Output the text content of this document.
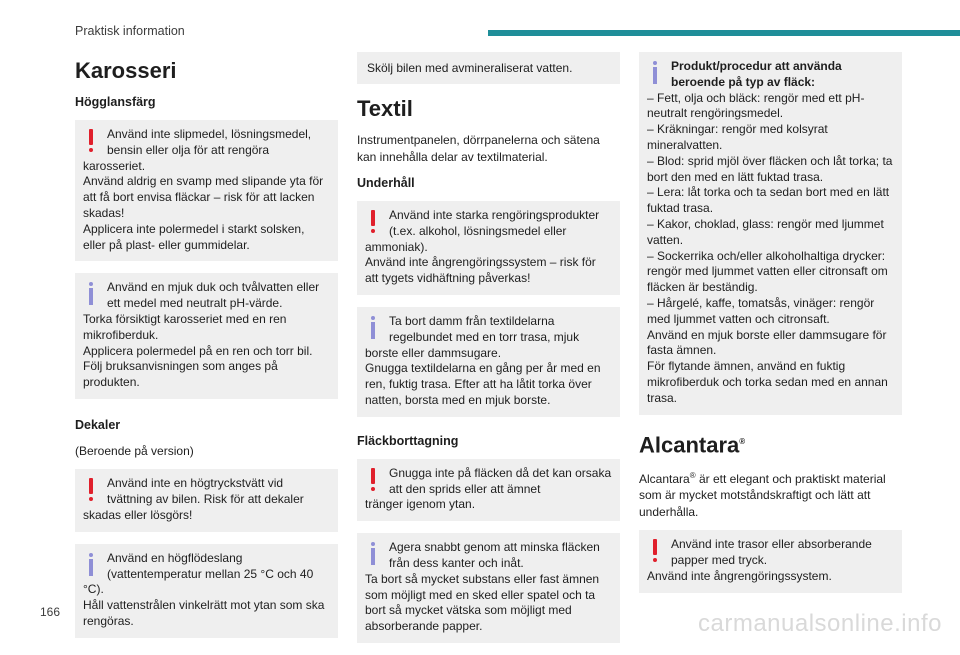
Praktisk information
Karosseri
Högglansfärg
Använd inte slipmedel, lösningsmedel, bensin eller olja för att rengöra
karosseriet.
Använd aldrig en svamp med slipande yta för att få bort envisa fläckar – risk för att lacken skadas!
Applicera inte polermedel i starkt solsken, eller på plast- eller gummidelar.
Använd en mjuk duk och tvålvatten eller ett medel med neutralt pH-värde.
Torka försiktigt karosseriet med en ren mikrofiberduk.
Applicera polermedel på en ren och torr bil.
Följ bruksanvisningen som anges på produkten.
Dekaler

(Beroende på version)

Använd inte en högtryckstvätt vid tvättning av bilen. Risk för att dekaler
skadas eller lösgörs!
Använd en högflödeslang (vattentemperatur mellan 25 °C och 40
°C).
Håll vattenstrålen vinkelrätt mot ytan som ska rengöras.
Skölj bilen med avmineraliserat vatten.
Textil

Instrumentpanelen, dörrpanelerna och sätena kan innehålla delar av textilmaterial.

Underhåll
Använd inte starka rengöringsprodukter (t.ex. alkohol, lösningsmedel eller
ammoniak).
Använd inte ångrengöringssystem – risk för att tygets vidhäftning påverkas!
Ta bort damm från textildelarna regelbundet med en torr trasa, mjuk
borste eller dammsugare.
Gnugga textildelarna en gång per år med en ren, fuktig trasa. Efter att ha låtit torka över natten, borsta med en mjuk borste.
Fläckborttagning
Gnugga inte på fläcken då det kan orsaka att den sprids eller att ämnet
tränger igenom ytan.
Agera snabbt genom att minska fläcken från dess kanter och inåt.
Ta bort så mycket substans eller fast ämnen som möjligt med en sked eller spatel och ta bort så mycket vätska som möjligt med absorberande papper.
Produkt/procedur att använda beroende på typ av fläck:
– Fett, olja och bläck: rengör med ett pH-neutralt rengöringsmedel.
– Kräkningar: rengör med kolsyrat mineralvatten.
– Blod: sprid mjöl över fläcken och låt torka; ta bort den med en lätt fuktad trasa.
– Lera: låt torka och ta sedan bort med en lätt fuktad trasa.
– Kakor, choklad, glass: rengör med ljummet vatten.
– Sockerrika och/eller alkoholhaltiga drycker: rengör med ljummet vatten eller citronsaft om fläcken är beständig.
– Hårgelé, kaffe, tomatsås, vinäger: rengör med ljummet vatten och citronsaft.
Använd en mjuk borste eller dammsugare för fasta ämnen.
För flytande ämnen, använd en fuktig mikrofiberduk och torka sedan med en annan trasa.
Alcantara®

Alcantara® är ett elegant och praktiskt material som är mycket motståndskraftigt och lätt att underhålla.

Använd inte trasor eller absorberande papper med tryck.
Använd inte ångrengöringssystem.
166	carmanualsonline.info
